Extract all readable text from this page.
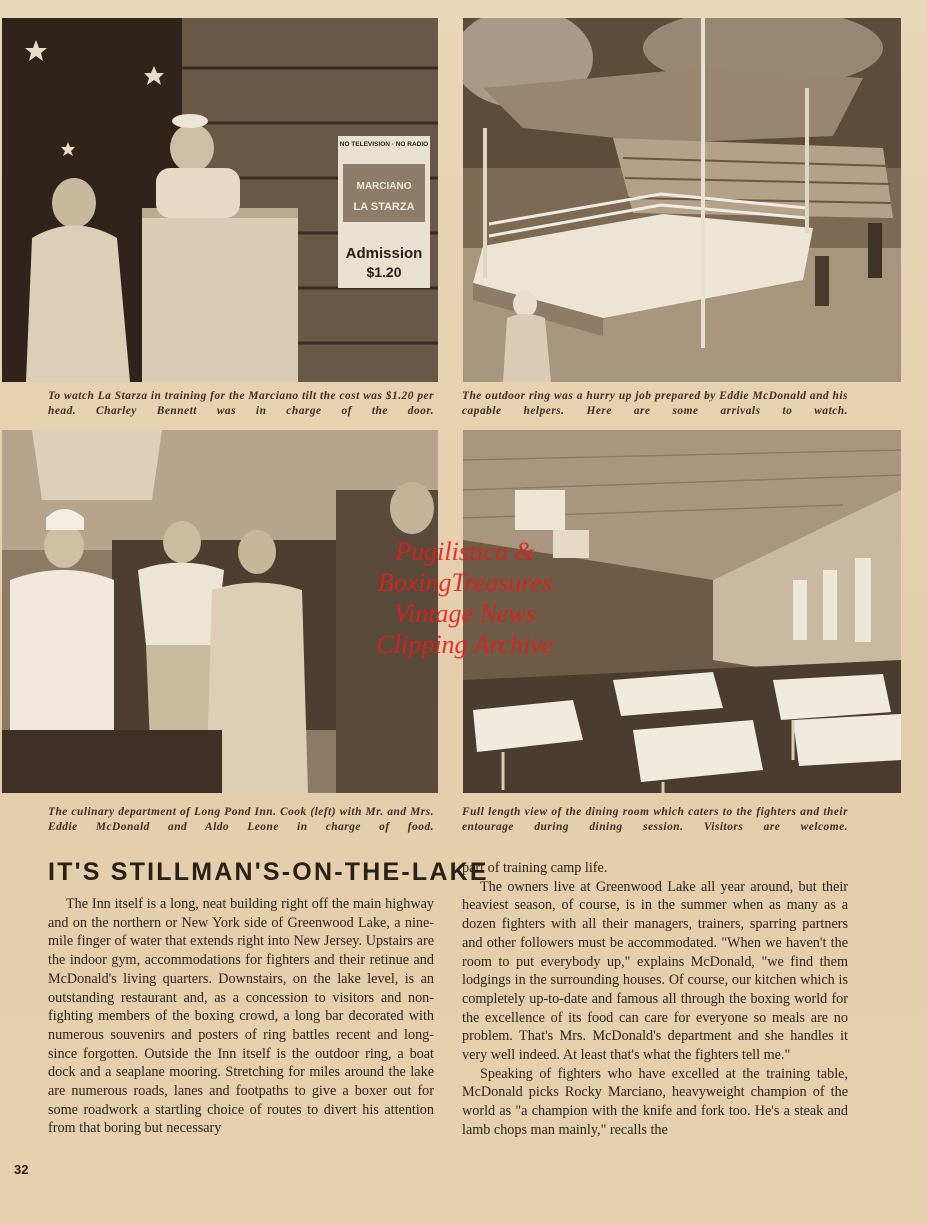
NO TELEVISION · NO RADIO
MARCIANO
LA STARZA
Admission
$1.20

To watch La Starza in training for the Marciano tilt the cost was $1.20 per head. Charley Bennett was in charge of the door.

The outdoor ring was a hurry up job prepared by Eddie McDonald and his capable helpers. Here are some arrivals to watch.

The culinary department of Long Pond Inn. Cook (left) with Mr. and Mrs. Eddie McDonald and Aldo Leone in charge of food.

Full length view of the dining room which caters to the fighters and their entourage during dining session. Visitors are welcome.

IT'S STILLMAN'S-ON-THE-LAKE

The Inn itself is a long, neat building right off the main highway and on the northern or New York side of Greenwood Lake, a nine-mile finger of water that extends right into New Jersey. Upstairs are the indoor gym, accommodations for fighters and their retinue and McDonald's living quarters. Downstairs, on the lake level, is an outstanding restaurant and, as a concession to visitors and non-fighting members of the boxing crowd, a long bar decorated with numerous souvenirs and posters of ring battles recent and long-since forgotten. Outside the Inn itself is the outdoor ring, a boat dock and a seaplane mooring. Stretching for miles around the lake are numerous roads, lanes and footpaths to give a boxer out for some roadwork a startling choice of routes to divert his attention from that boring but necessary

part of training camp life.

The owners live at Greenwood Lake all year around, but their heaviest season, of course, is in the summer when as many as a dozen fighters with all their managers, trainers, sparring partners and other followers must be accommodated. "When we haven't the room to put everybody up," explains McDonald, "we find them lodgings in the surrounding houses. Of course, our kitchen which is completely up-to-date and famous all through the boxing world for the excellence of its food can care for everyone so meals are no problem. That's Mrs. McDonald's department and she handles it very well indeed. At least that's what the fighters tell me."

Speaking of fighters who have excelled at the training table, McDonald picks Rocky Marciano, heavyweight champion of the world as "a champion with the knife and fork too. He's a steak and lamb chops man mainly," recalls the

32

Pugilistica &
BoxingTreasures
Vintage News
Clipping Archive
